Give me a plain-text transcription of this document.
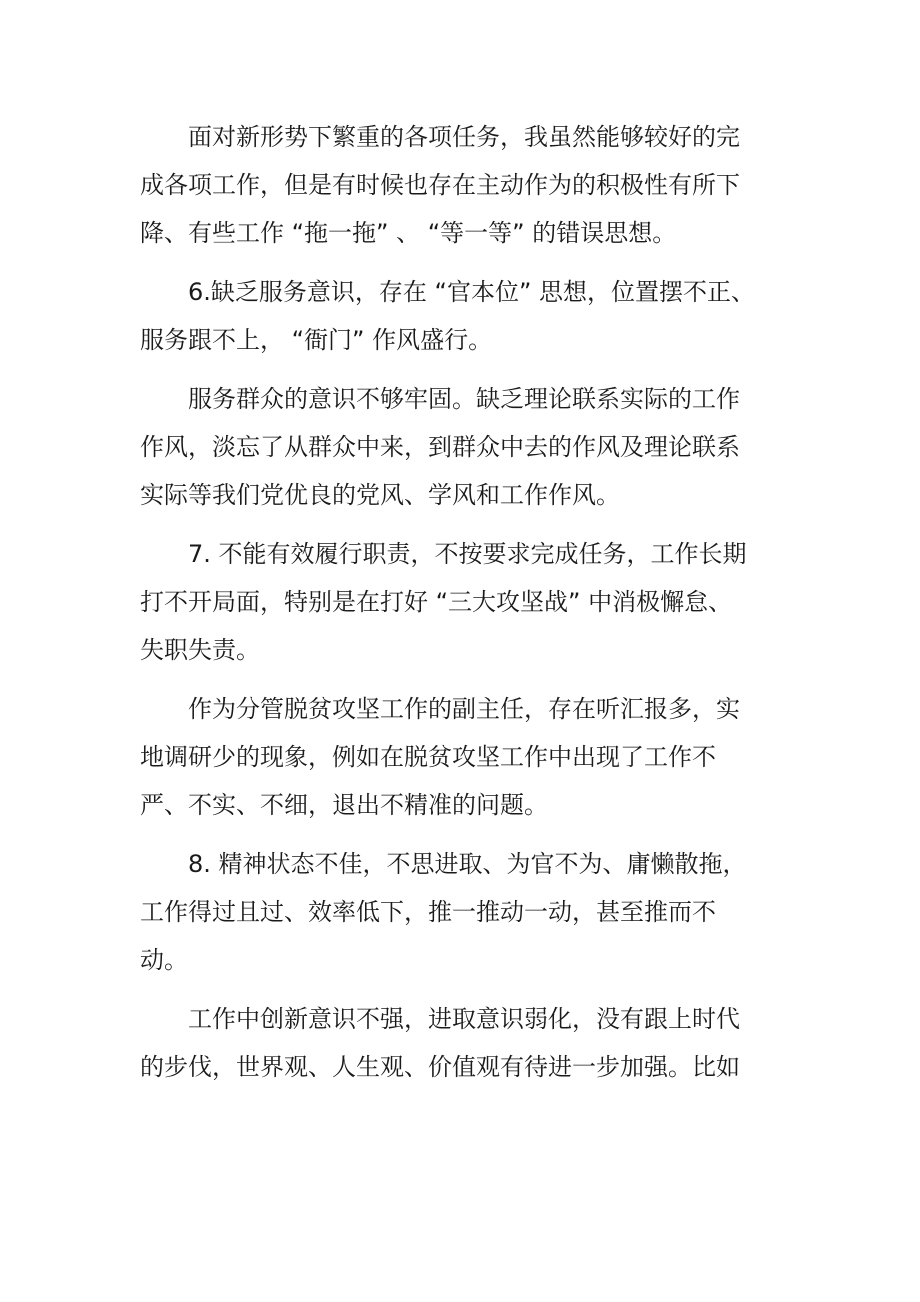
面对新形势下繁重的各项任务，我虽然能够较好的完
成各项工作，但是有时候也存在主动作为的积极性有所下
降、有些工作 “拖一拖” 、 “等一等” 的错误思想。
6.缺乏服务意识，存在 “官本位” 思想，位置摆不正、
服务跟不上， “衙门” 作风盛行。
服务群众的意识不够牢固。缺乏理论联系实际的工作
作风，淡忘了从群众中来，到群众中去的作风及理论联系
实际等我们党优良的党风、学风和工作作风。
7. 不能有效履行职责，不按要求完成任务，工作长期
打不开局面，特别是在打好 “三大攻坚战” 中消极懈怠、
失职失责。
作为分管脱贫攻坚工作的副主任，存在听汇报多，实
地调研少的现象，例如在脱贫攻坚工作中出现了工作不
严、不实、不细，退出不精准的问题。
8. 精神状态不佳，不思进取、为官不为、庸懒散拖，
工作得过且过、效率低下，推一推动一动，甚至推而不
动。
工作中创新意识不强，进取意识弱化，没有跟上时代
的步伐，世界观、人生观、价值观有待进一步加强。比如
